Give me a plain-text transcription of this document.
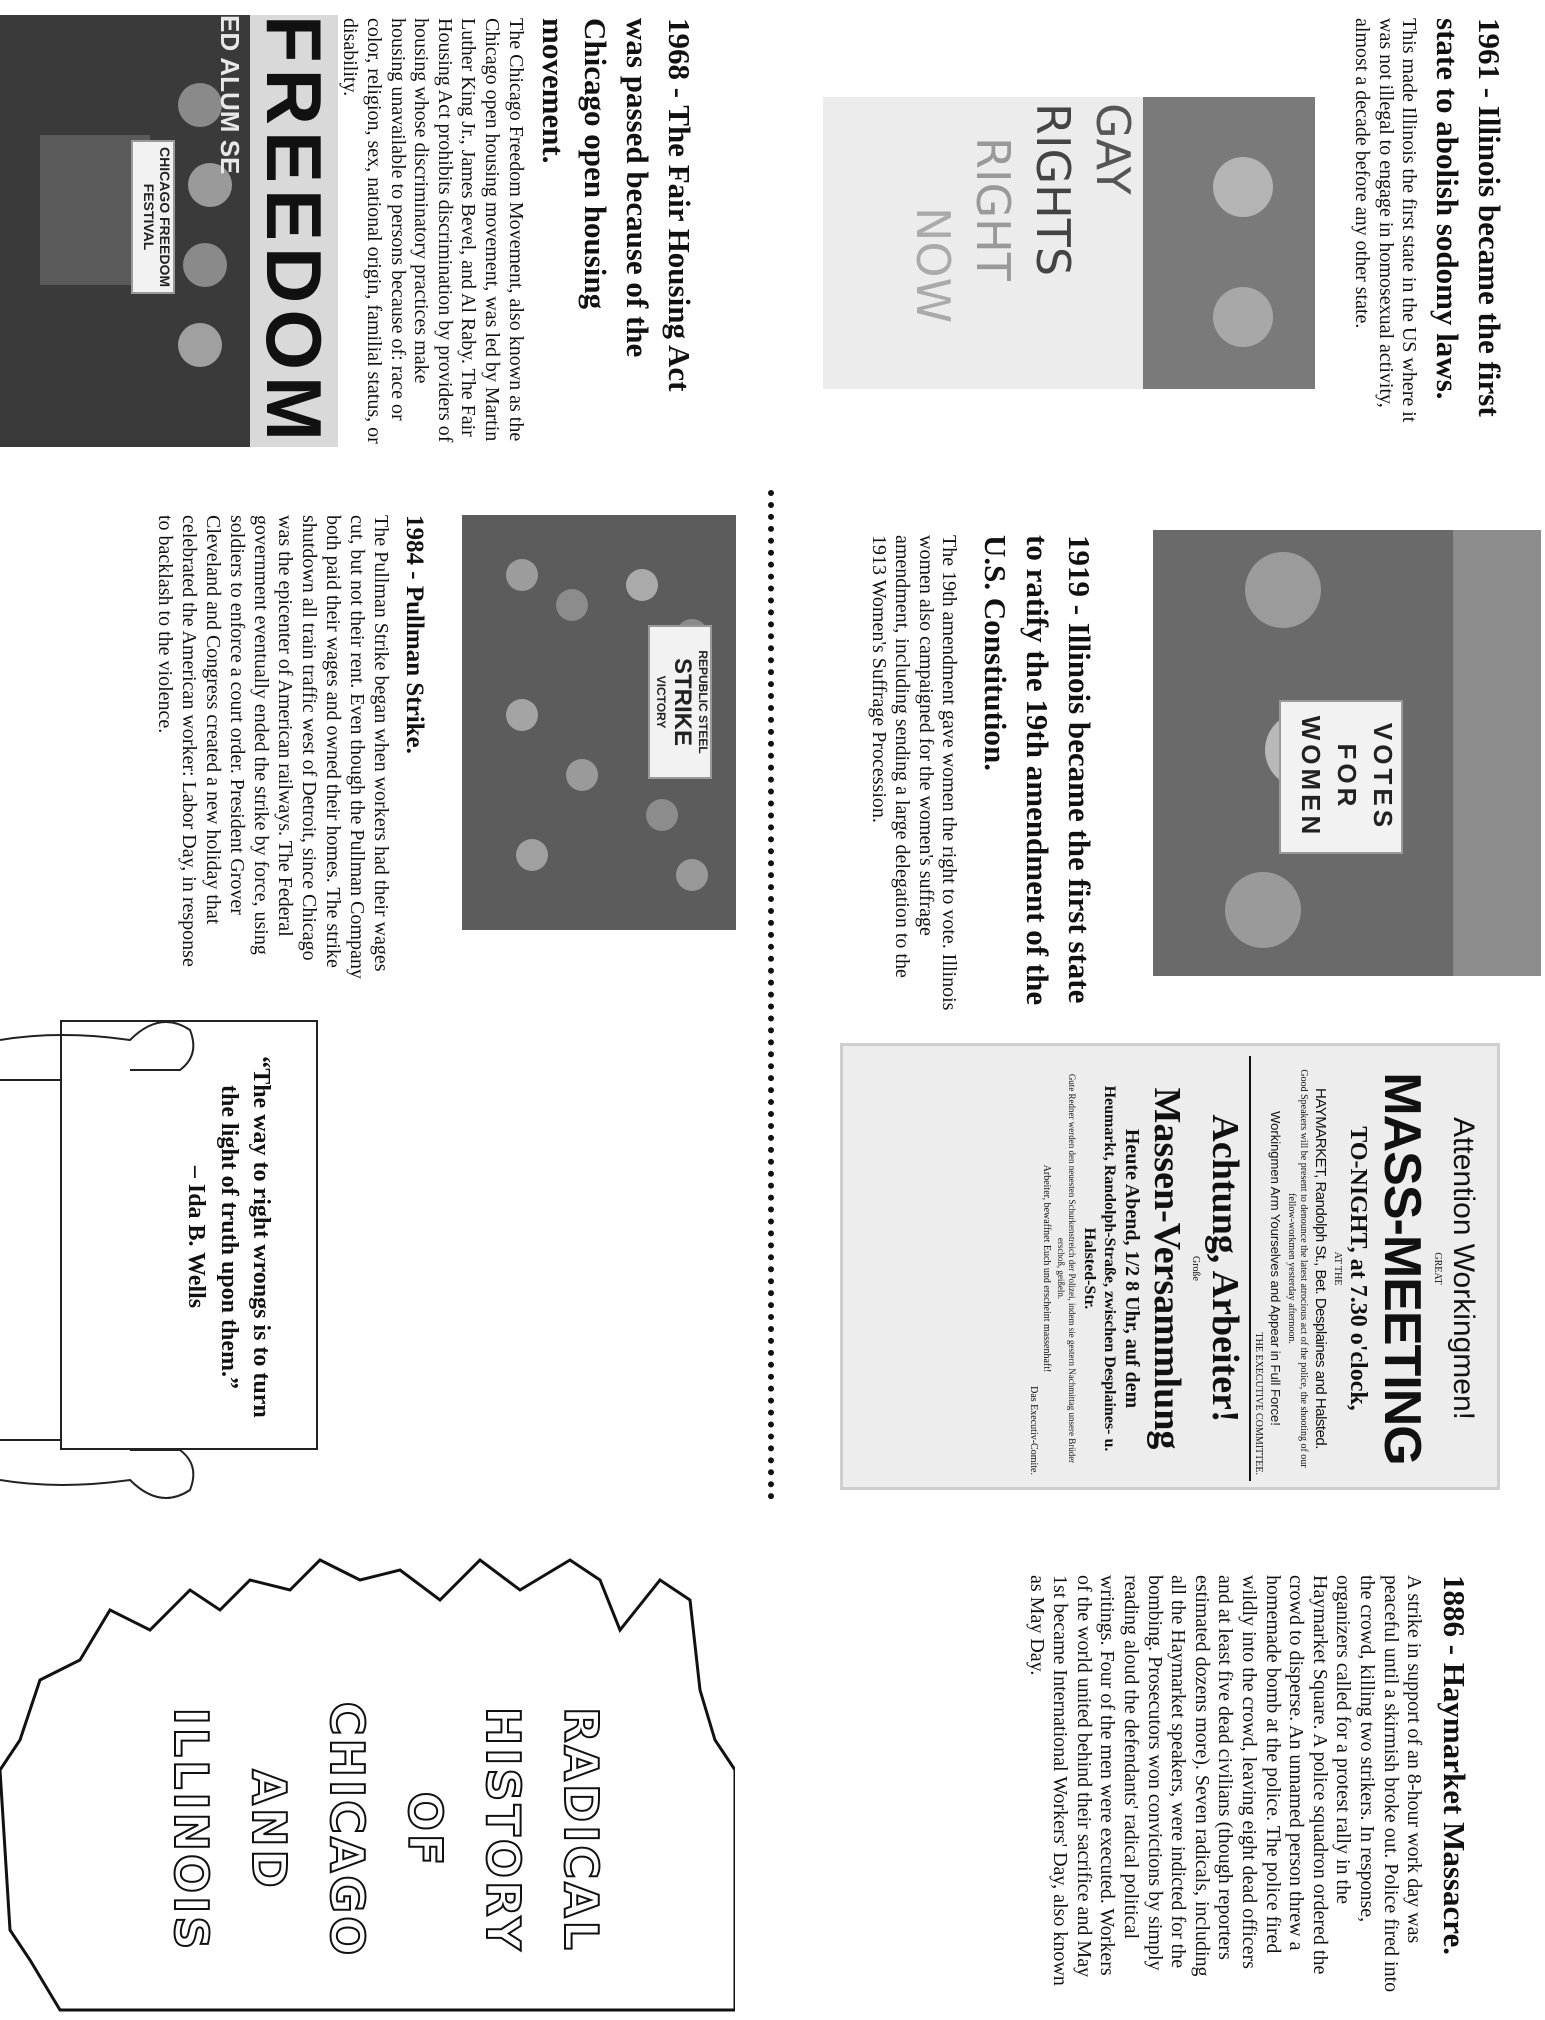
FREEDOM
ED ALUM SE
CHICAGO FREEDOM FESTIVAL	1968 - The Fair Housing Act was passed because of the Chicago open housing movement.

The Chicago Freedom Movement, also known as the Chicago open housing movement, was led by Martin Luther King Jr., James Bevel, and Al Raby. The Fair Housing Act prohibits discrimination by providers of housing whose discriminatory practices make housing unavailable to persons because of: race or color, religion, sex, national origin, familial status, or disability.

REPUBLIC STEEL
STRIKE
VICTORY
1984 - Pullman Strike.

The Pullman Strike began when workers had their wages cut, but not their rent. Even though the Pullman Company both paid their wages and owned their homes. The strike shutdown all train traffic west of Detroit, since Chicago was the epicenter of American railways. The Federal government eventually ended the strike by force, using soldiers to enforce a court order. President Grover Cleveland and Congress created a new holiday that celebrated the American worker: Labor Day, in response to backlash to the violence.

“The way to right wrongs is to turn the light of truth upon them.”

– Ida B. Wells

RADICAL
HISTORY
OF
CHICAGO
AND
ILLINOIS
GAY
RIGHTS
RIGHT
NOW	1961 - Illinois became the first state to abolish sodomy laws.

This made Illinois the first state in the US where it was not illegal to engage in homosexual activity, almost a decade before any other state.

1919 - Illinois became the first state to ratify the 19th amendment of the U.S. Constitution.

The 19th amendment gave women the right to vote. Illinois women also campaigned for the women's suffrage amendment, including sending a large delegation to the 1913 Women's Suffrage Procession.	VOTES
FOR
WOMEN
Attention Workingmen!
GREAT
MASS-MEETING
TO-NIGHT, at 7.30 o'clock,
AT THE
HAYMARKET, Randolph St., Bet. Desplaines and Halsted.
Good Speakers will be present to denounce the latest atrocious act of the police, the shooting of our fellow-workmen yesterday afternoon.
Workingmen Arm Yourselves and Appear in Full Force!
THE EXECUTIVE COMMITTEE.
Achtung, Arbeiter!
Große
Massen-Versammlung
Heute Abend, 1/2 8 Uhr, auf dem
Heumarkt, Randolph-Straße, zwischen Desplaines- u. Halsted-Str.
Gute Redner werden den neuesten Schurkenstreich der Polizei, indem sie gestern Nachmittag unsere Brüder erschoß, geißeln.
Arbeiter, bewaffnet Euch und erscheint massenhaft!
Das Executiv-Comite.
1886 - Haymarket Massacre.

A strike in support of an 8-hour work day was peaceful until a skirmish broke out. Police fired into the crowd, killing two strikers. In response, organizers called for a protest rally in the Haymarket Square. A police squadron ordered the crowd to disperse. An unnamed person threw a homemade bomb at the police. The police fired wildly into the crowd, leaving eight dead officers and at least five dead civilians (though reporters estimated dozens more). Seven radicals, including all the Haymarket speakers, were indicted for the bombing. Prosecutors won convictions by simply reading aloud the defendants' radical political writings. Four of the men were executed. Workers of the world united behind their sacrifice and May 1st became International Workers' Day, also known as May Day.
